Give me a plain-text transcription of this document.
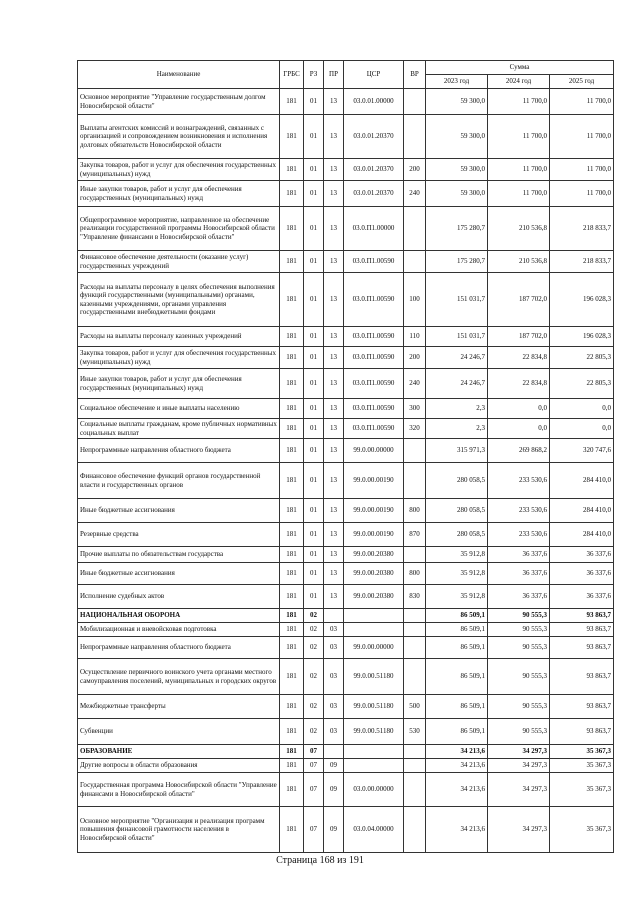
Наименование	ГРБС	РЗ	ПР	ЦСР	ВР	Сумма		
						2023 год	2024 год	2025 год
Основное мероприятие "Управление государственным долгом Новосибирской области"	181	01	13	03.0.01.00000		59 300,0	11 700,0	11 700,0
Выплаты агентских комиссий и вознаграждений, связанных с организацией и сопровождением возникновения и исполнения долговых обязательств Новосибирской области	181	01	13	03.0.01.20370		59 300,0	11 700,0	11 700,0
Закупка товаров, работ и услуг для обеспечения государственных (муниципальных) нужд	181	01	13	03.0.01.20370	200	59 300,0	11 700,0	11 700,0
Иные закупки товаров, работ и услуг для обеспечения государственных (муниципальных) нужд	181	01	13	03.0.01.20370	240	59 300,0	11 700,0	11 700,0
Общепрограммное мероприятие, направленное на обеспечение реализации государственной программы Новосибирской области "Управление финансами в Новосибирской области"	181	01	13	03.0.П1.00000		175 280,7	210 536,8	218 833,7
Финансовое обеспечение деятельности (оказание услуг) государственных учреждений	181	01	13	03.0.П1.00590		175 280,7	210 536,8	218 833,7
Расходы на выплаты персоналу в целях обеспечения выполнения функций государственными (муниципальными) органами, казенными учреждениями, органами управления государственными внебюджетными фондами	181	01	13	03.0.П1.00590	100	151 031,7	187 702,0	196 028,3
Расходы на выплаты персоналу казенных учреждений	181	01	13	03.0.П1.00590	110	151 031,7	187 702,0	196 028,3
Закупка товаров, работ и услуг для обеспечения государственных (муниципальных) нужд	181	01	13	03.0.П1.00590	200	24 246,7	22 834,8	22 805,3
Иные закупки товаров, работ и услуг для обеспечения государственных (муниципальных) нужд	181	01	13	03.0.П1.00590	240	24 246,7	22 834,8	22 805,3
Социальное обеспечение и иные выплаты населению	181	01	13	03.0.П1.00590	300	2,3	0,0	0,0
Социальные выплаты гражданам, кроме публичных нормативных социальных выплат	181	01	13	03.0.П1.00590	320	2,3	0,0	0,0
Непрограммные направления областного бюджета	181	01	13	99.0.00.00000		315 971,3	269 868,2	320 747,6
Финансовое обеспечение функций органов государственной власти и государственных органов	181	01	13	99.0.00.00190		280 058,5	233 530,6	284 410,0
Иные бюджетные ассигнования	181	01	13	99.0.00.00190	800	280 058,5	233 530,6	284 410,0
Резервные средства	181	01	13	99.0.00.00190	870	280 058,5	233 530,6	284 410,0
Прочие выплаты по обязательствам государства	181	01	13	99.0.00.20380		35 912,8	36 337,6	36 337,6
Иные бюджетные ассигнования	181	01	13	99.0.00.20380	800	35 912,8	36 337,6	36 337,6
Исполнение судебных актов	181	01	13	99.0.00.20380	830	35 912,8	36 337,6	36 337,6
НАЦИОНАЛЬНАЯ ОБОРОНА	181	02				86 509,1	90 555,3	93 863,7
Мобилизационная и вневойсковая подготовка	181	02	03			86 509,1	90 555,3	93 863,7
Непрограммные направления областного бюджета	181	02	03	99.0.00.00000		86 509,1	90 555,3	93 863,7
Осуществление первичного воинского учета органами местного самоуправления поселений, муниципальных и городских округов	181	02	03	99.0.00.51180		86 509,1	90 555,3	93 863,7
Межбюджетные трансферты	181	02	03	99.0.00.51180	500	86 509,1	90 555,3	93 863,7
Субвенции	181	02	03	99.0.00.51180	530	86 509,1	90 555,3	93 863,7
ОБРАЗОВАНИЕ	181	07				34 213,6	34 297,3	35 367,3
Другие вопросы в области образования	181	07	09			34 213,6	34 297,3	35 367,3
Государственная программа Новосибирской области "Управление финансами в Новосибирской области"	181	07	09	03.0.00.00000		34 213,6	34 297,3	35 367,3
Основное мероприятие "Организация и реализация программ повышения финансовой грамотности населения в Новосибирской области"	181	07	09	03.0.04.00000		34 213,6	34 297,3	35 367,3
Страница 168 из 191
